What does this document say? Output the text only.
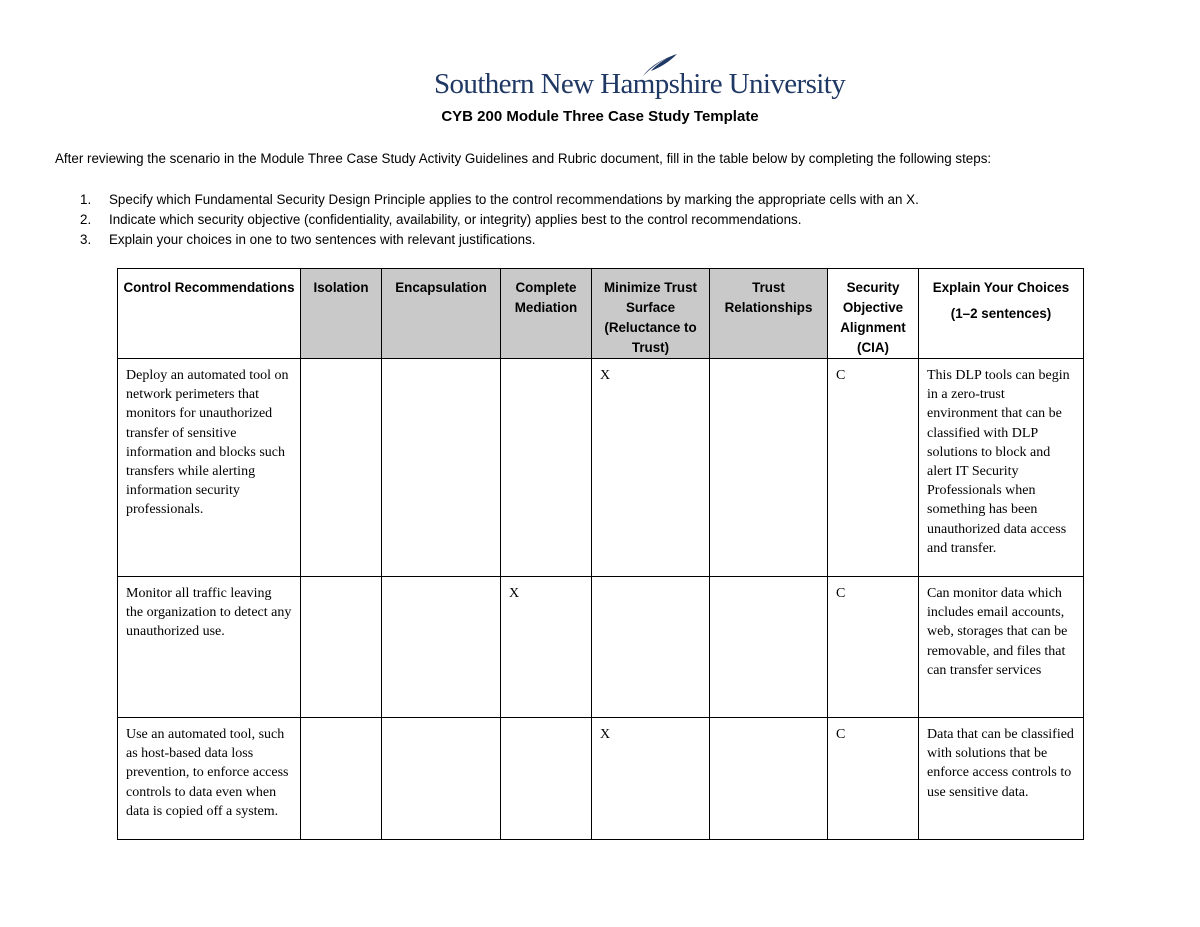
Southern New Hampshire University
CYB 200 Module Three Case Study Template
After reviewing the scenario in the Module Three Case Study Activity Guidelines and Rubric document, fill in the table below by completing the following steps:
1.	Specify which Fundamental Security Design Principle applies to the control recommendations by marking the appropriate cells with an X.
2.	Indicate which security objective (confidentiality, availability, or integrity) applies best to the control recommendations.
3.	Explain your choices in one to two sentences with relevant justifications.
Control Recommendations	Isolation	Encapsulation	Complete Mediation	Minimize Trust Surface (Reluctance to Trust)	Trust Relationships	Security Objective Alignment (CIA)	Explain Your Choices
(1–2 sentences)

Deploy an automated tool on network perimeters that monitors for unauthorized transfer of sensitive information and blocks such transfers while alerting information security professionals.				X		C	This DLP tools can begin in a zero-trust environment that can be classified with DLP solutions to block and alert IT Security Professionals when something has been unauthorized data access and transfer.
Monitor all traffic leaving the organization to detect any unauthorized use.			X			C	Can monitor data which includes email accounts, web, storages that can be removable, and files that can transfer services
Use an automated tool, such as host-based data loss prevention, to enforce access controls to data even when data is copied off a system.				X		C	Data that can be classified with solutions that be enforce access controls to use sensitive data.
